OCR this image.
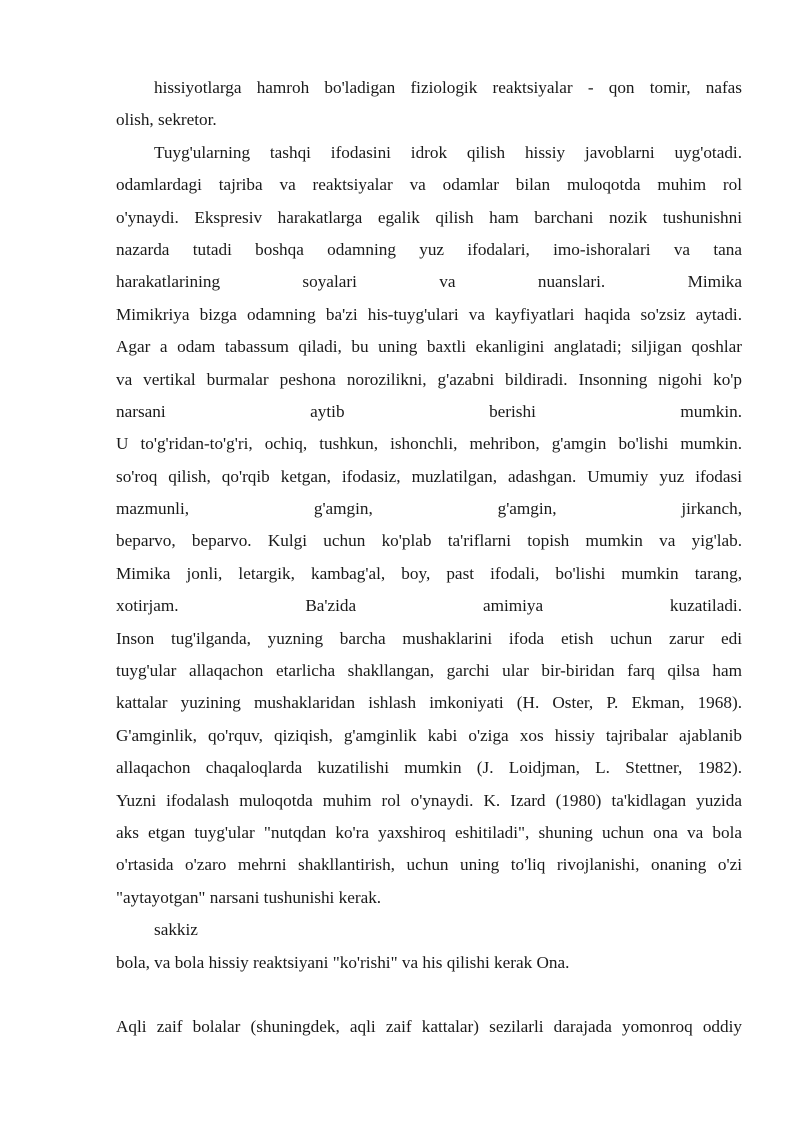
hissiyotlarga hamroh bo'ladigan fiziologik reaktsiyalar - qon tomir, nafas
olish, sekretor.
Tuyg'ularning tashqi ifodasini idrok qilish hissiy javoblarni uyg'otadi.
odamlardagi tajriba va reaktsiyalar va odamlar bilan muloqotda muhim rol
o'ynaydi. Ekspresiv harakatlarga egalik qilish ham barchani nozik tushunishni
nazarda tutadi boshqa odamning yuz ifodalari, imo-ishoralari va tana
harakatlarining soyalari va nuanslari. Mimika
Mimikriya bizga odamning ba'zi his-tuyg'ulari va kayfiyatlari haqida so'zsiz aytadi.
Agar a odam tabassum qiladi, bu uning baxtli ekanligini anglatadi; siljigan qoshlar
va vertikal burmalar peshona norozilikni, g'azabni bildiradi. Insonning nigohi ko'p
narsani aytib berishi mumkin.
U to'g'ridan-to'g'ri, ochiq, tushkun, ishonchli, mehribon, g'amgin bo'lishi mumkin.
so'roq qilish, qo'rqib ketgan, ifodasiz, muzlatilgan, adashgan. Umumiy yuz ifodasi
mazmunli, g'amgin, g'amgin, jirkanch,
beparvo, beparvo. Kulgi uchun ko'plab ta'riflarni topish mumkin va yig'lab.
Mimika jonli, letargik, kambag'al, boy, past ifodali, bo'lishi mumkin tarang,
xotirjam. Ba'zida amimiya kuzatiladi.
Inson tug'ilganda, yuzning barcha mushaklarini ifoda etish uchun zarur edi
tuyg'ular allaqachon etarlicha shakllangan, garchi ular bir-biridan farq qilsa ham
kattalar yuzining mushaklaridan ishlash imkoniyati (H. Oster, P. Ekman, 1968).
G'amginlik, qo'rquv, qiziqish, g'amginlik kabi o'ziga xos hissiy tajribalar ajablanib
allaqachon chaqaloqlarda kuzatilishi mumkin (J. Loidjman, L. Stettner, 1982).
Yuzni ifodalash muloqotda muhim rol o'ynaydi. K. Izard (1980) ta'kidlagan yuzida
aks etgan tuyg'ular "nutqdan ko'ra yaxshiroq eshitiladi", shuning uchun ona va bola
o'rtasida o'zaro mehrni shakllantirish, uchun uning to'liq rivojlanishi, onaning o'zi
"aytayotgan" narsani tushunishi kerak.
sakkiz
bola, va bola hissiy reaktsiyani "ko'rishi" va his qilishi kerak Ona.
Aqli zaif bolalar (shuningdek, aqli zaif kattalar) sezilarli darajada yomonroq oddiy
